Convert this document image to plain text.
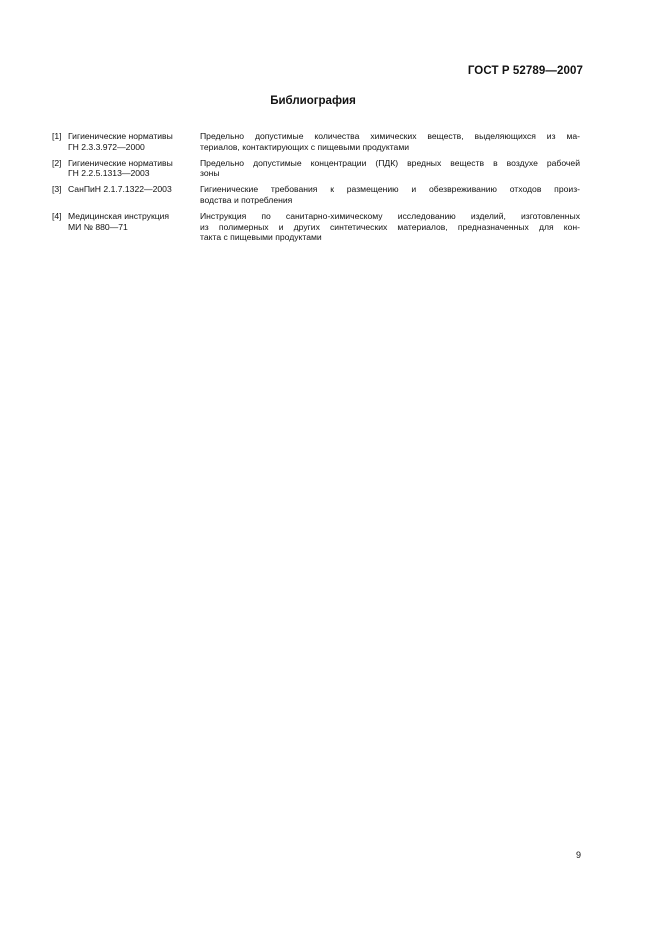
ГОСТ Р 52789—2007
Библиография
[1] Гигиенические нормативы
ГН 2.3.3.972—2000
Предельно допустимые количества химических веществ, выделяющихся из ма-
териалов, контактирующих с пищевыми продуктами
[2] Гигиенические нормативы
ГН 2.2.5.1313—2003
Предельно допустимые концентрации (ПДК) вредных веществ в воздухе рабочей
зоны
[3] СанПиН 2.1.7.1322—2003	Гигиенические требования к размещению и обезвреживанию отходов произ-
водства и потребления
[4] Медицинская инструкция
МИ № 880—71
Инструкция по санитарно-химическому исследованию изделий, изготовленных
из полимерных и других синтетических материалов, предназначенных для кон-
такта с пищевыми продуктами
9
